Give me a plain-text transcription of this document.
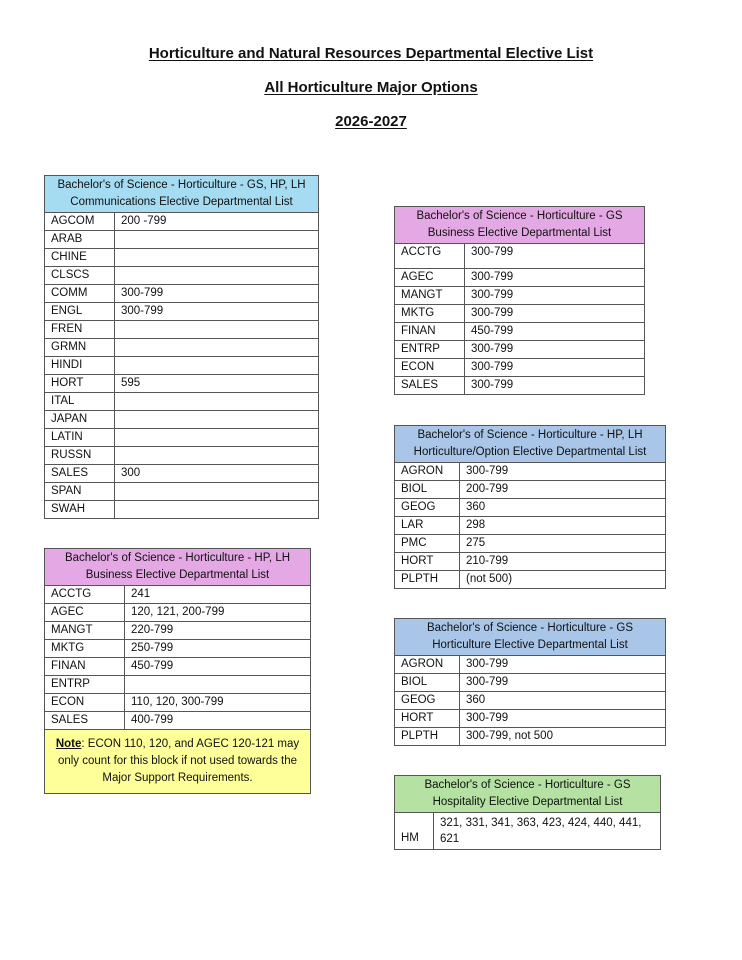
Horticulture and Natural Resources Departmental Elective List
All Horticulture Major Options
2026-2027
Bachelor's of Science - Horticulture - GS, HP, LH
Communications Elective Departmental List	

AGCOM	200 -799
ARAB	
CHINE	
CLSCS	
COMM	300-799
ENGL	300-799
FREN	
GRMN	
HINDI	
HORT	595
ITAL	
JAPAN	
LATIN	
RUSSN	
SALES	300
SPAN	
SWAH	
Bachelor's of Science - Horticulture - HP, LH
Business Elective Departmental List	

ACCTG	241
AGEC	120, 121, 200-799
MANGT	220-799
MKTG	250-799
FINAN	450-799
ENTRP	
ECON	110, 120, 300-799
SALES	400-799
Note: ECON 110, 120, and AGEC 120-121 may only count for this block if not used towards the Major Support Requirements.	
Bachelor's of Science - Horticulture - GS
Business Elective Departmental List	

ACCTG	300-799
AGEC	300-799
MANGT	300-799
MKTG	300-799
FINAN	450-799
ENTRP	300-799
ECON	300-799
SALES	300-799
Bachelor's of Science - Horticulture - HP, LH
Horticulture/Option Elective Departmental List	

AGRON	300-799
BIOL	200-799
GEOG	360
LAR	298
PMC	275
HORT	210-799
PLPTH	(not 500)
Bachelor's of Science - Horticulture - GS
Horticulture Elective Departmental List	

AGRON	300-799
BIOL	300-799
GEOG	360
HORT	300-799
PLPTH	300-799, not 500
Bachelor's of Science - Horticulture - GS
Hospitality Elective Departmental List

HM	321, 331, 341, 363, 423, 424, 440, 441, 621
